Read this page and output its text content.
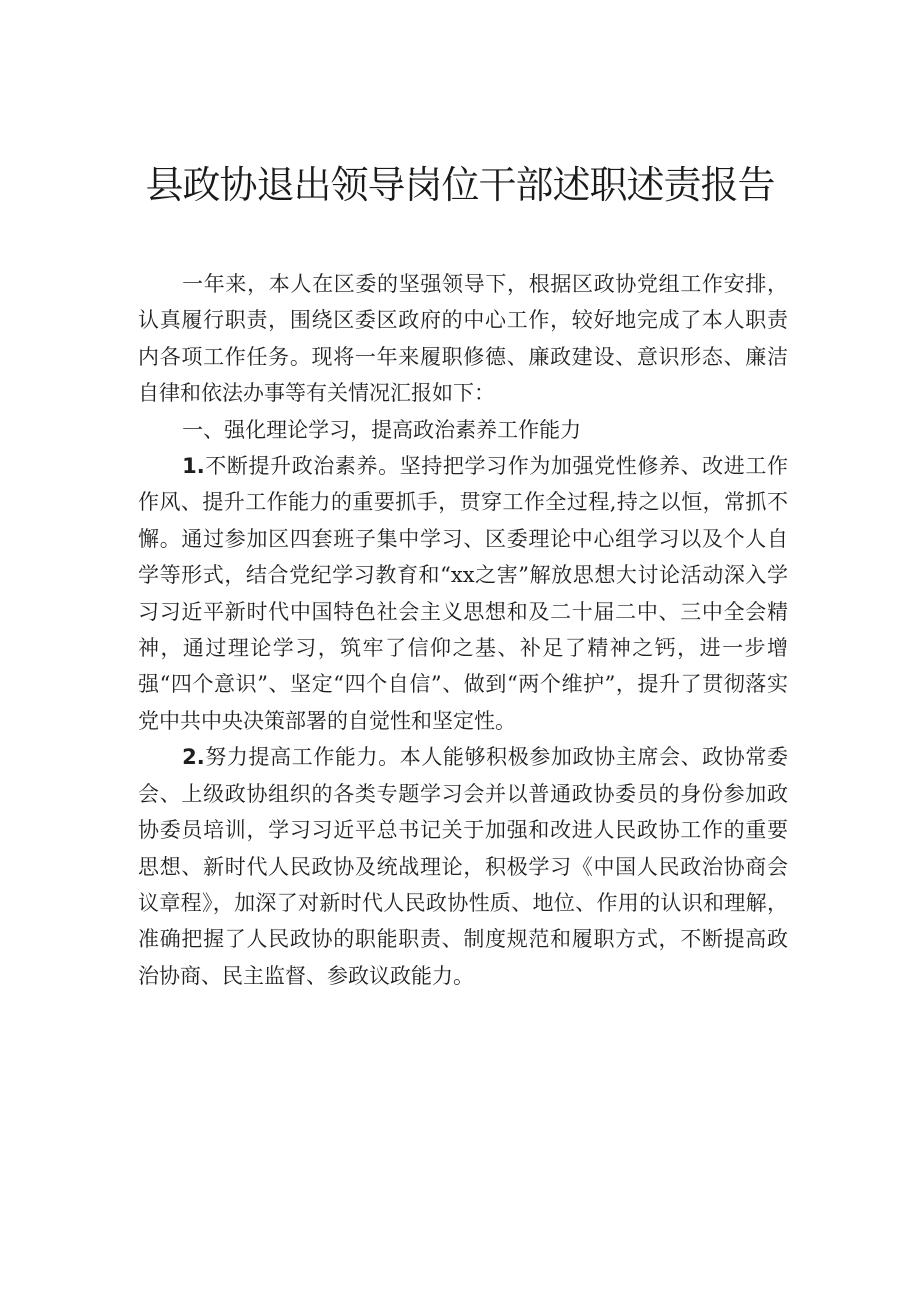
县政协退出领导岗位干部述职述责报告

一年来，本人在区委的坚强领导下，根据区政协党组工作安排，认真履行职责，围绕区委区政府的中心工作，较好地完成了本人职责内各项工作任务。现将一年来履职修德、廉政建设、意识形态、廉洁自律和依法办事等有关情况汇报如下：

一、强化理论学习，提高政治素养工作能力

1.不断提升政治素养。坚持把学习作为加强党性修养、改进工作作风、提升工作能力的重要抓手，贯穿工作全过程,持之以恒，常抓不懈。通过参加区四套班子集中学习、区委理论中心组学习以及个人自学等形式，结合党纪学习教育和“xx之害”解放思想大讨论活动深入学习习近平新时代中国特色社会主义思想和及二十届二中、三中全会精神，通过理论学习，筑牢了信仰之基、补足了精神之钙，进一步增强“四个意识”、坚定“四个自信”、做到“两个维护”，提升了贯彻落实党中共中央决策部署的自觉性和坚定性。

2.努力提高工作能力。本人能够积极参加政协主席会、政协常委会、上级政协组织的各类专题学习会并以普通政协委员的身份参加政协委员培训，学习习近平总书记关于加强和改进人民政协工作的重要思想、新时代人民政协及统战理论，积极学习《中国人民政治协商会议章程》，加深了对新时代人民政协性质、地位、作用的认识和理解，准确把握了人民政协的职能职责、制度规范和履职方式，不断提高政治协商、民主监督、参政议政能力。
